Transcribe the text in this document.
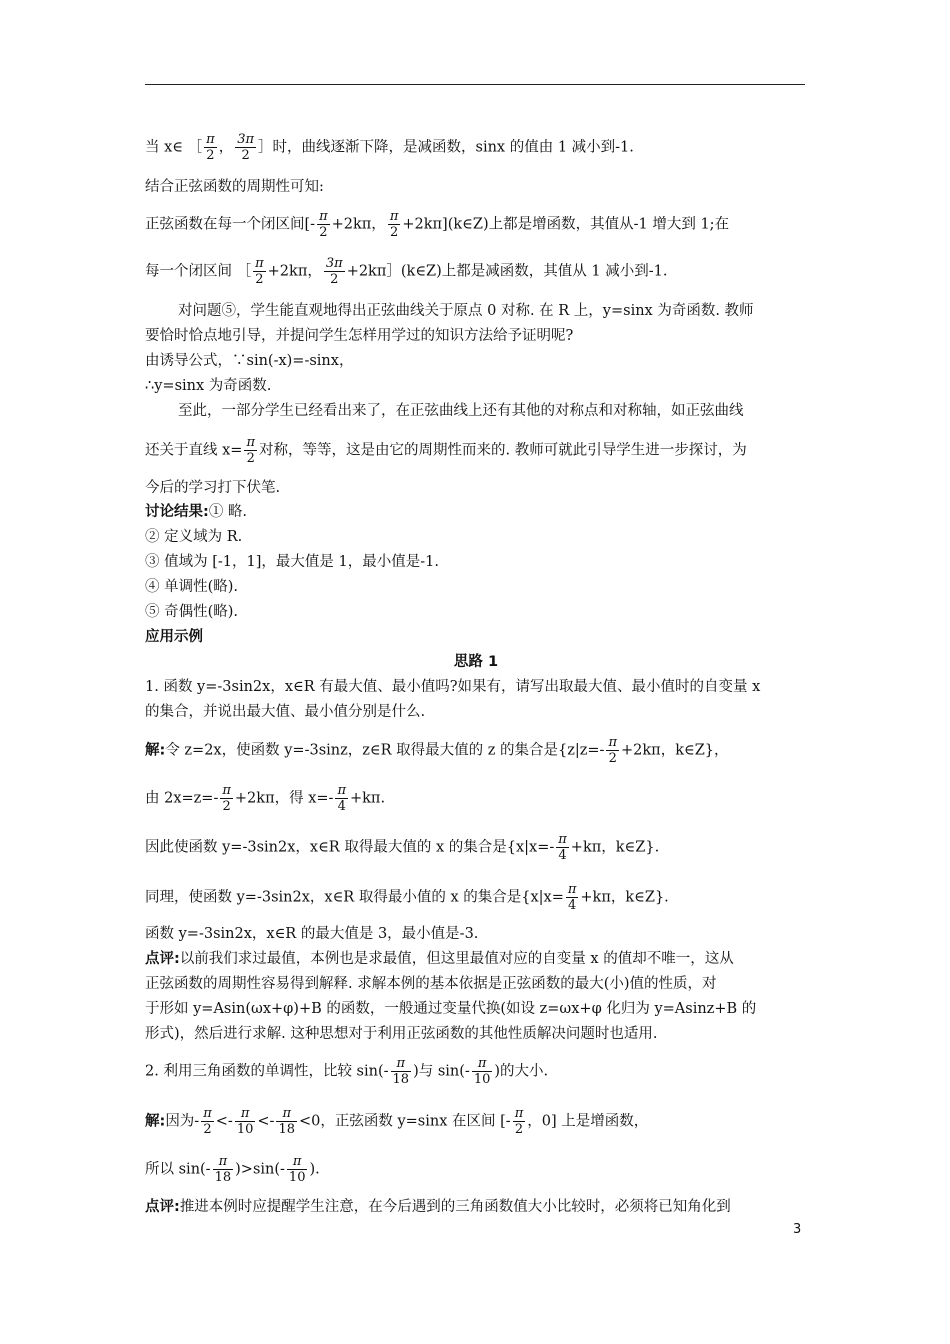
当 x∈ ［ $\frac{\pi}{2}$ ， $\frac{3\pi}{2}$ ］时，曲线逐渐下降，是减函数，sinx 的值由 1 减小到-1.
结合正弦函数的周期性可知:
正弦函数在每一个闭区间[- $\frac{\pi}{2} +2k\pi$， $\frac{\pi}{2}$ +2kπ](k∈Z)上都是增函数，其值从-1 增大到 1;在
每一个闭区间 ［ $\frac{\pi}{2} +2k\pi$， $\frac{3\pi}{2}$ +2kπ］(k∈Z)上都是减函数，其值从 1 减小到-1.
对问题⑤，学生能直观地得出正弦曲线关于原点 0 对称. 在 R 上，y=sinx 为奇函数. 教师
要恰时恰点地引导，并提问学生怎样用学过的知识方法给予证明呢?
由诱导公式，∵sin(-x)=-sinx，
∴y=sinx 为奇函数.
至此，一部分学生已经看出来了，在正弦曲线上还有其他的对称点和对称轴，如正弦曲线
还关于直线 $x= \frac{\pi}{2}$ 对称，等等，这是由它的周期性而来的. 教师可就此引导学生进一步探讨，为
今后的学习打下伏笔.
讨论结果:① 略.
② 定义域为 R.
③ 值域为 [-1，1]，最大值是 1，最小值是-1.
④ 单调性(略).
⑤ 奇偶性(略).
应用示例
思路 1
1. 函数 y=-3sin2x，x∈R 有最大值、最小值吗?如果有，请写出取最大值、最小值时的自变量 x
的集合，并说出最大值、最小值分别是什么.
解:令 z=2x，使函数 y=-3sinz，z∈R 取得最大值的 z 的集合是{$z|z=- \frac{\pi}{2} +2k\pi$，k∈Z}，
由 $2x=z=- \frac{\pi}{2} +2k\pi$，得 $x=- \frac{\pi}{4} +k\pi$.
因此使函数 y=-3sin2x，x∈R 取得最大值的 x 的集合是{$x|x=- \frac{\pi}{4} +k\pi$，k∈Z}.
同理，使函数 y=-3sin2x，x∈R 取得最小值的 x 的集合是{$x|x= \frac{\pi}{4} +k\pi$，k∈Z}.
函数 y=-3sin2x，x∈R 的最大值是 3，最小值是-3.
点评:以前我们求过最值，本例也是求最值，但这里最值对应的自变量 x 的值却不唯一，这从
正弦函数的周期性容易得到解释. 求解本例的基本依据是正弦函数的最大(小)值的性质，对
于形如 y=Asin(ωx+φ)+B 的函数，一般通过变量代换(如设 z=ωx+φ 化归为 y=Asinz+B 的
形式)，然后进行求解. 这种思想对于利用正弦函数的其他性质解决问题时也适用.
2. 利用三角函数的单调性，比较 $\sin(- \frac{\pi}{18}$ )与 $\sin(- \frac{\pi}{10}$ )的大小.
解:因为- $\frac{\pi}{2} <- \frac{\pi}{10} <- \frac{\pi}{18} <0$，正弦函数 y=sinx 在区间 [- $\frac{\pi}{2}$ ，0] 上是增函数，
所以 $\sin(- \frac{\pi}{18} )>\sin(- \frac{\pi}{10}$ ).
点评:推进本例时应提醒学生注意，在今后遇到的三角函数值大小比较时，必须将已知角化到
3
